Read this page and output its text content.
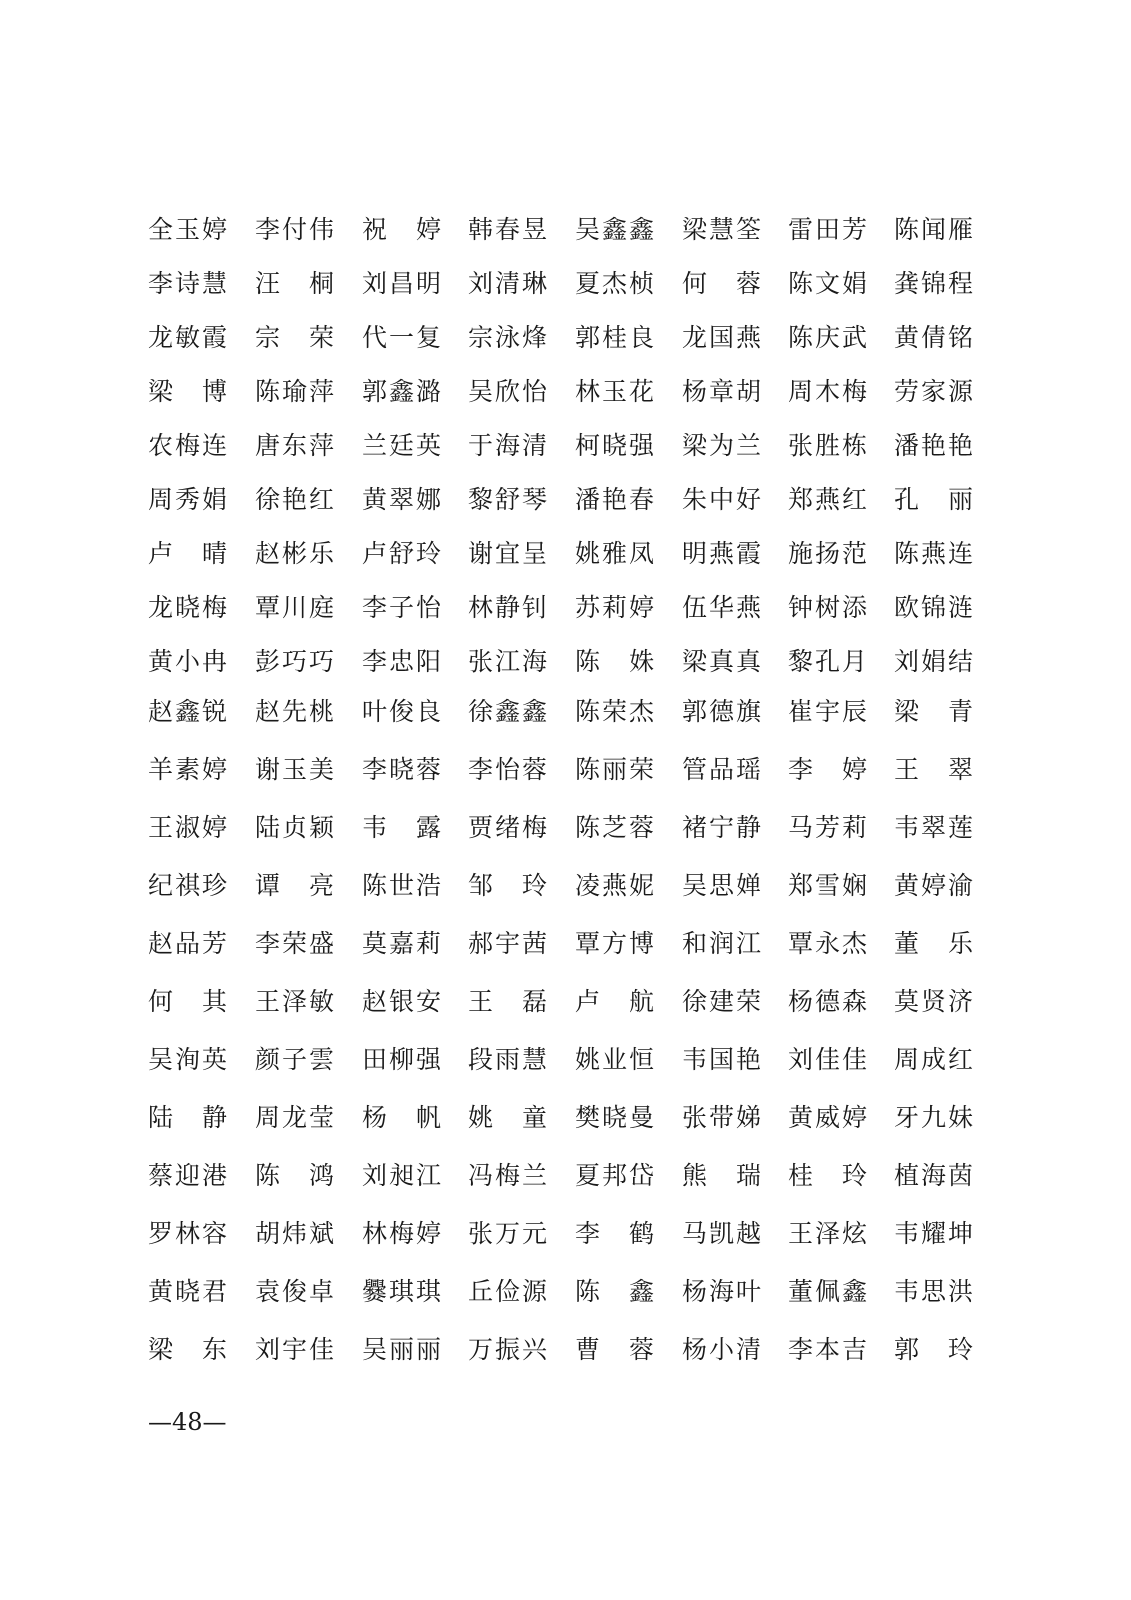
全玉婷 李付伟 祝　婷 韩春昱 吴鑫鑫 梁慧筌 雷田芳 陈闻雁
李诗慧 汪　桐 刘昌明 刘清琳 夏杰桢 何　蓉 陈文娟 龚锦程
龙敏霞 宗　荣 代一复 宗泳烽 郭桂良 龙国燕 陈庆武 黄倩铭
梁　博 陈瑜萍 郭鑫潞 吴欣怡 林玉花 杨章胡 周木梅 劳家源
农梅连 唐东萍 兰廷英 于海清 柯晓强 梁为兰 张胜栋 潘艳艳
周秀娟 徐艳红 黄翠娜 黎舒琴 潘艳春 朱中好 郑燕红 孔　丽
卢　晴 赵彬乐 卢舒玲 谢宜呈 姚雅凤 明燕霞 施扬范 陈燕连
龙晓梅 覃川庭 李子怡 林静钊 苏莉婷 伍华燕 钟树添 欧锦涟
黄小冉 彭巧巧 李忠阳 张江海 陈　姝 梁真真 黎孔月 刘娟结
赵鑫锐 赵先桃 叶俊良 徐鑫鑫 陈荣杰 郭德旗 崔宇辰 梁　青
羊素婷 谢玉美 李晓蓉 李怡蓉 陈丽荣 管品瑶 李　婷 王　翠
王淑婷 陆贞颖 韦　露 贾绪梅 陈芝蓉 褚宁静 马芳莉 韦翠莲
纪祺珍 谭　亮 陈世浩 邹　玲 凌燕妮 吴思婵 郑雪娴 黄婷渝
赵品芳 李荣盛 莫嘉莉 郝宇茜 覃方博 和润江 覃永杰 董　乐
何　其 王泽敏 赵银安 王　磊 卢　航 徐建荣 杨德森 莫贤济
吴洵英 颜子雲 田柳强 段雨慧 姚业恒 韦国艳 刘佳佳 周成红
陆　静 周龙莹 杨　帆 姚　童 樊晓曼 张带娣 黄威婷 牙九妹
蔡迎港 陈　鸿 刘昶江 冯梅兰 夏邦岱 熊　瑞 桂　玲 植海茵
罗林容 胡炜斌 林梅婷 张万元 李　鹤 马凯越 王泽炫 韦耀坤
黄晓君 袁俊卓 爨琪琪 丘俭源 陈　鑫 杨海叶 董佩鑫 韦思洪
梁　东 刘宇佳 吴丽丽 万振兴 曹　蓉 杨小清 李本吉 郭　玲
—48—
